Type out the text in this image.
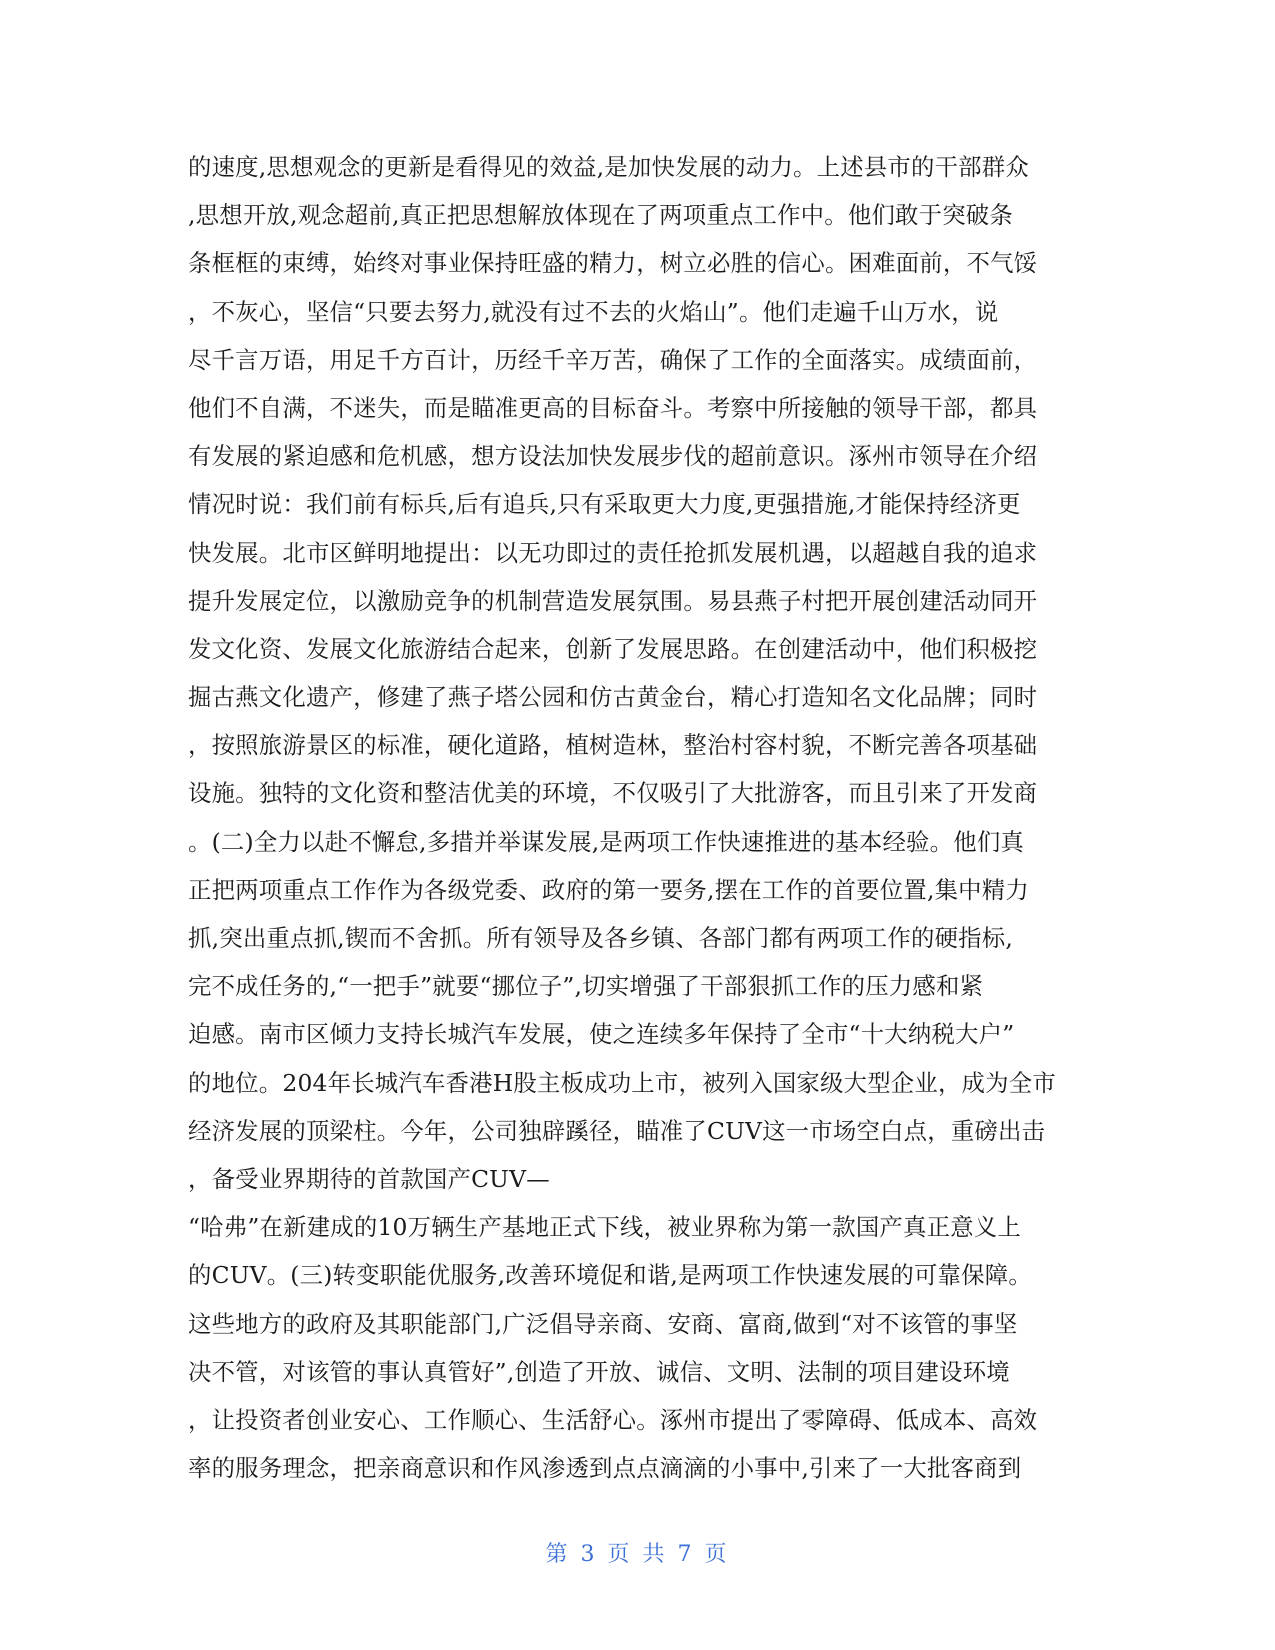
的速度,思想观念的更新是看得见的效益,是加快发展的动力。上述县市的干部群众
,思想开放,观念超前,真正把思想解放体现在了两项重点工作中。他们敢于突破条
条框框的束缚，始终对事业保持旺盛的精力，树立必胜的信心。困难面前，不气馁
，不灰心，坚信“只要去努力,就没有过不去的火焰山”。他们走遍千山万水，说
尽千言万语，用足千方百计，历经千辛万苦，确保了工作的全面落实。成绩面前，
他们不自满，不迷失，而是瞄准更高的目标奋斗。考察中所接触的领导干部，都具
有发展的紧迫感和危机感，想方设法加快发展步伐的超前意识。涿州市领导在介绍
情况时说：我们前有标兵,后有追兵,只有采取更大力度,更强措施,才能保持经济更
快发展。北市区鲜明地提出：以无功即过的责任抢抓发展机遇，以超越自我的追求
提升发展定位，以激励竞争的机制营造发展氛围。易县燕子村把开展创建活动同开
发文化资、发展文化旅游结合起来，创新了发展思路。在创建活动中，他们积极挖
掘古燕文化遗产，修建了燕子塔公园和仿古黄金台，精心打造知名文化品牌；同时
，按照旅游景区的标准，硬化道路，植树造林，整治村容村貌，不断完善各项基础
设施。独特的文化资和整洁优美的环境，不仅吸引了大批游客，而且引来了开发商
。(二)全力以赴不懈怠,多措并举谋发展,是两项工作快速推进的基本经验。他们真
正把两项重点工作作为各级党委、政府的第一要务,摆在工作的首要位置,集中精力
抓,突出重点抓,锲而不舍抓。所有领导及各乡镇、各部门都有两项工作的硬指标,
完不成任务的,“一把手”就要“挪位子”,切实增强了干部狠抓工作的压力感和紧
迫感。南市区倾力支持长城汽车发展，使之连续多年保持了全市“十大纳税大户”
的地位。204年长城汽车香港H股主板成功上市，被列入国家级大型企业，成为全市
经济发展的顶梁柱。今年，公司独辟蹊径，瞄准了CUV这一市场空白点，重磅出击
，备受业界期待的首款国产CUV—
“哈弗”在新建成的10万辆生产基地正式下线，被业界称为第一款国产真正意义上
的CUV。(三)转变职能优服务,改善环境促和谐,是两项工作快速发展的可靠保障。
这些地方的政府及其职能部门,广泛倡导亲商、安商、富商,做到“对不该管的事坚
决不管，对该管的事认真管好”,创造了开放、诚信、文明、法制的项目建设环境
，让投资者创业安心、工作顺心、生活舒心。涿州市提出了零障碍、低成本、高效
率的服务理念，把亲商意识和作风渗透到点点滴滴的小事中,引来了一大批客商到
第 3 页 共 7 页
